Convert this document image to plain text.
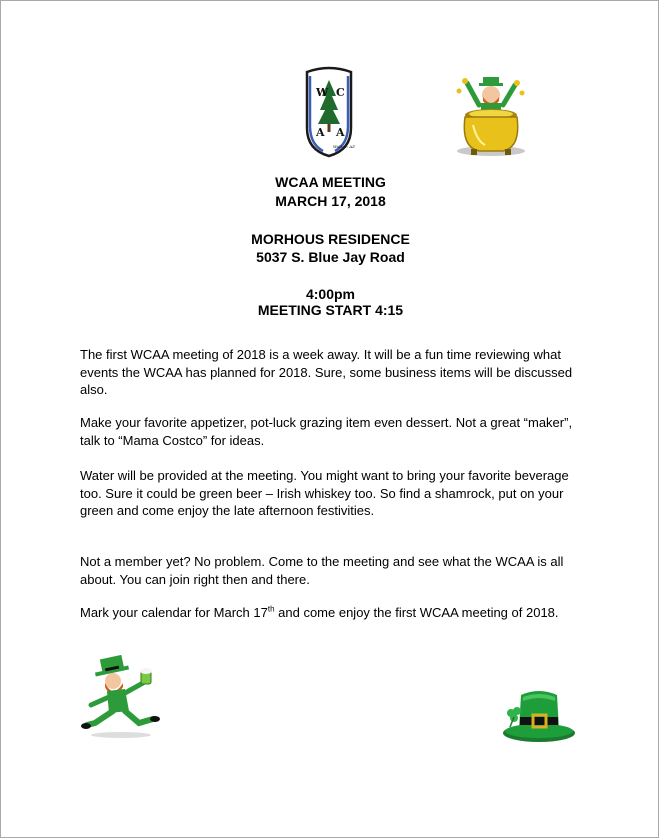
W C
A A
Walker, AZ
WCAA MEETING
MARCH 17, 2018
MORHOUS RESIDENCE
5037 S. Blue Jay Road
4:00pm
MEETING START 4:15
The first WCAA meeting of 2018 is a week away. It will be a fun time reviewing what events the WCAA has planned for 2018. Sure, some business items will be discussed also.
Make your favorite appetizer, pot-luck grazing item even dessert. Not a great “maker”, talk to “Mama Costco” for ideas.
Water will be provided at the meeting. You might want to bring your favorite beverage too. Sure it could be green beer – Irish whiskey too. So find a shamrock, put on your green and come enjoy the late afternoon festivities.
Not a member yet? No problem. Come to the meeting and see what the WCAA is all about. You can join right then and there.
Mark your calendar for March 17th and come enjoy the first WCAA meeting of 2018.
